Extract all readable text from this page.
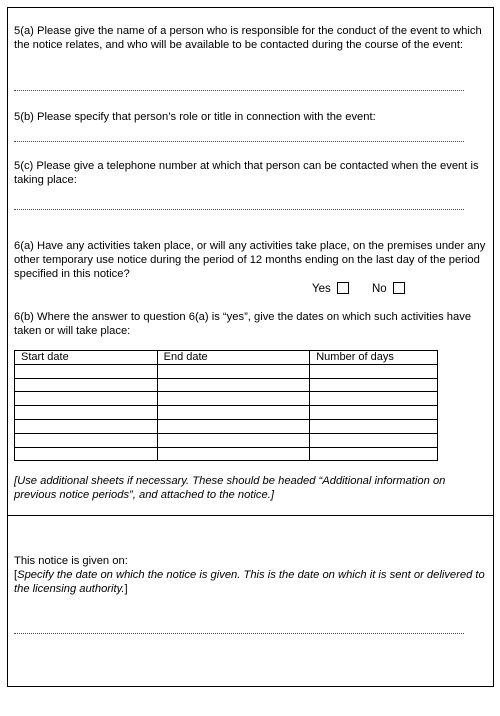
5(a) Please give the name of a person who is responsible for the conduct of the event to which the notice relates, and who will be available to be contacted during the course of the event:
5(b) Please specify that person’s role or title in connection with the event:
5(c) Please give a telephone number at which that person can be contacted when the event is taking place:
6(a) Have any activities taken place, or will any activities take place, on the premises under any other temporary use notice during the period of 12 months ending on the last day of the period specified in this notice?
Yes	No
6(b) Where the answer to question 6(a) is “yes”, give the dates on which such activities have taken or will take place:
Start date	End date	Number of days

[Use additional sheets if necessary. These should be headed “Additional information on previous notice periods”, and attached to the notice.]
This notice is given on:
[Specify the date on which the notice is given. This is the date on which it is sent or delivered to the licensing authority.]
